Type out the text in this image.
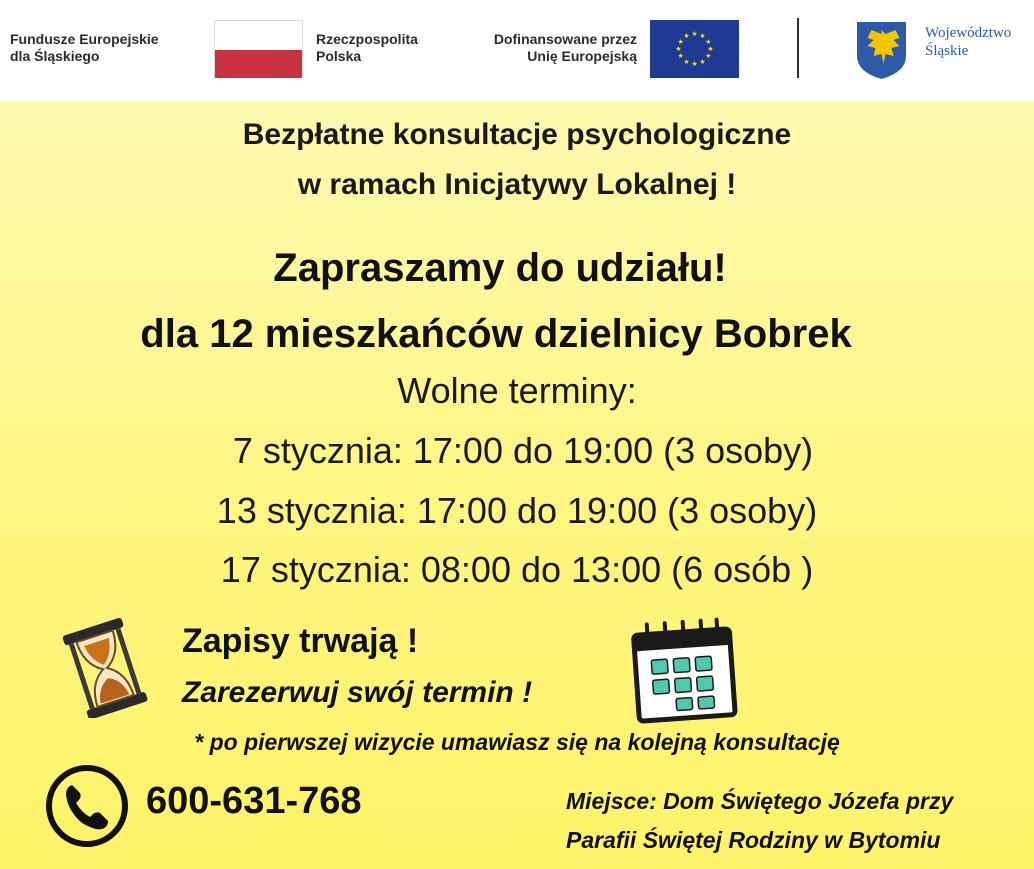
Fundusze Europejskie
dla Śląskiego
Rzeczpospolita
Polska
Dofinansowane przez
Unię Europejską
★ ★
★
★
★
★
★
★
★
★
★
★	Województwo
Śląskie
Bezpłatne konsultacje psychologiczne
w ramach Inicjatywy Lokalnej !
Zapraszamy do udziału!
dla 12 mieszkańców dzielnicy Bobrek
Wolne terminy:
7 stycznia: 17:00 do 19:00 (3 osoby)
13 stycznia: 17:00 do 19:00 (3 osoby)
17 stycznia: 08:00 do 13:00 (6 osób )
Zapisy trwają !
Zarezerwuj swój termin !
* po pierwszej wizycie umawiasz się na kolejną konsultację
600-631-768	Miejsce: Dom Świętego Józefa przy
Parafii Świętej Rodziny w Bytomiu
